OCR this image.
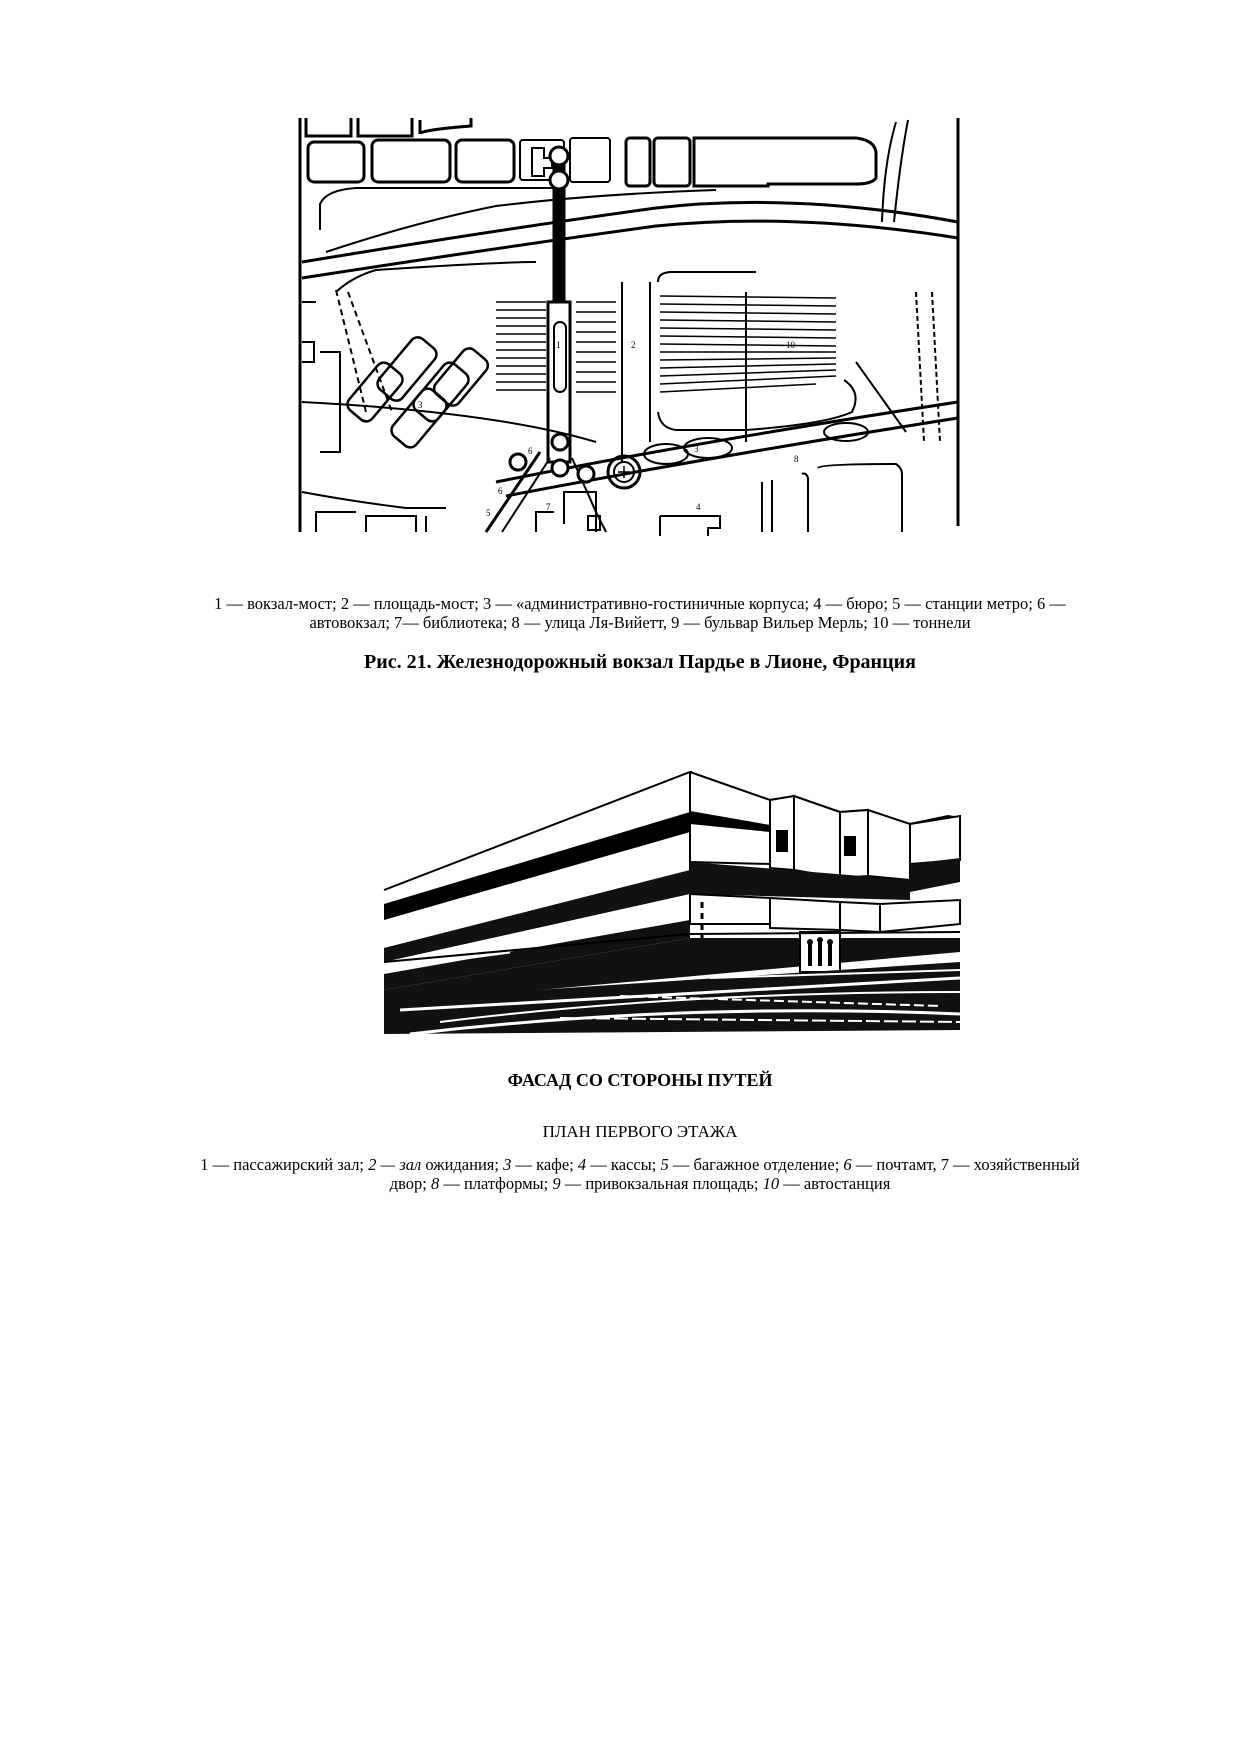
1	2
3
3
4
5
6
6
7
8
10
1 — вокзал-мост; 2 — площадь-мост; 3 — «административно-гостиничные корпуса; 4 — бюро; 5 — станции метро; 6 —
автовокзал; 7— библиотека; 8 — улица Ля-Вийетт, 9 — бульвар Вильер Мерль; 10 — тоннели
Рис. 21. Железнодорожный вокзал Пардье в Лионе, Франция
ФАСАД СО СТОРОНЫ ПУТЕЙ
ПЛАН ПЕРВОГО ЭТАЖА
1 — пассажирский зал; 2 — зал ожидания; 3 — кафе; 4 — кассы; 5 — багажное отделение; 6 — почтамт, 7 — хозяйственный
двор; 8 — платформы; 9 — привокзальная площадь; 10 — автостанция
